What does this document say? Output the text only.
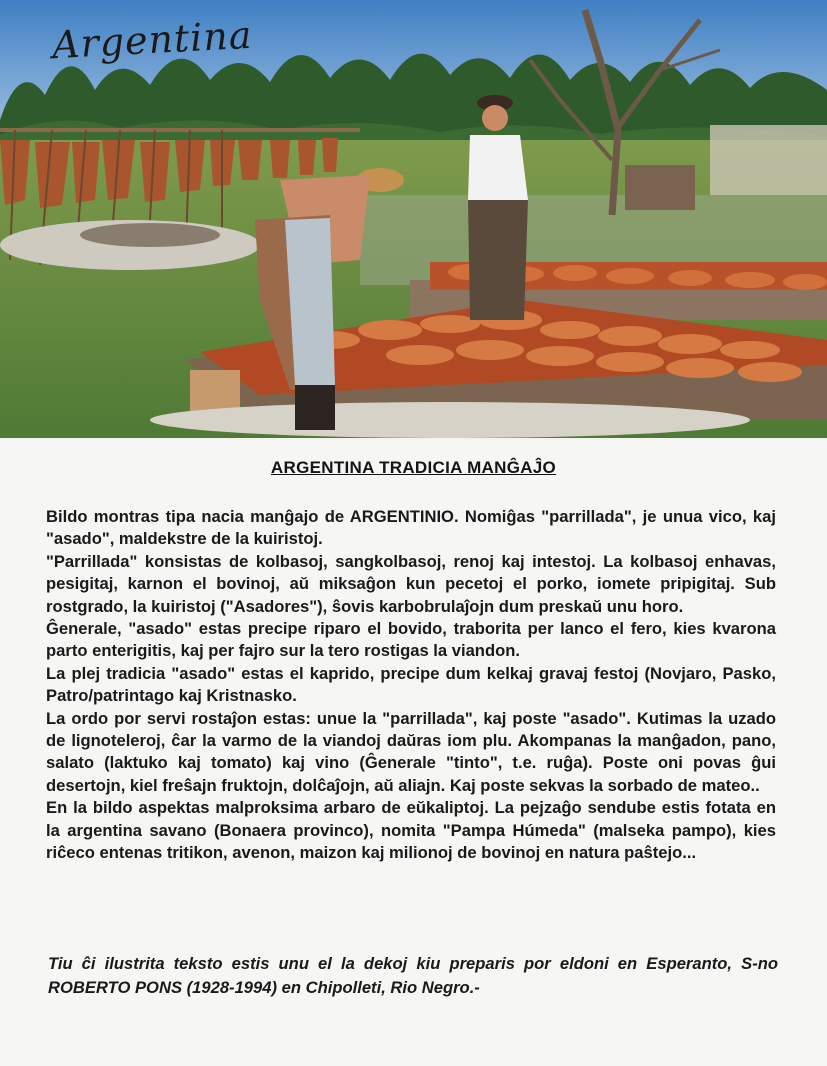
Argentina
ARGENTINA TRADICIA MANĜAĴO

Bildo montras tipa nacia manĝajo de ARGENTINIO. Nomiĝas "parrillada", je unua vico, kaj "asado", maldekstre de la kuiristoj.

"Parrillada" konsistas de kolbasoj, sangkolbasoj, renoj kaj intestoj. La kolbasoj enhavas, pesigitaj, karnon el bovinoj, aŭ miksaĝon kun pecetoj el porko, iomete pripigitaj. Sub rostgrado, la kuiristoj ("Asadores"), ŝovis karbobrulaĵojn dum preskaŭ unu horo.

Ĝenerale, "asado" estas precipe riparo el bovido, traborita per lanco el fero, kies kvarona parto enterigitis, kaj per fajro sur la tero rostigas la viandon.

La plej tradicia "asado" estas el kaprido, precipe dum kelkaj gravaj festoj (Novjaro, Pasko, Patro/patrintago kaj Kristnasko.

La ordo por servi rostaĵon estas: unue la "parrillada", kaj poste "asado". Kutimas la uzado de lignoteleroj, ĉar la varmo de la viandoj daŭras iom plu. Akompanas la manĝadon, pano, salato (laktuko kaj tomato) kaj vino (Ĝenerale "tinto", t.e. ruĝa). Poste oni povas ĝui desertojn, kiel freŝajn fruktojn, dolĉaĵojn, aŭ aliajn. Kaj poste sekvas la sorbado de mateo..

En la bildo aspektas malproksima arbaro de eŭkaliptoj. La pejzaĝo sendube estis fotata en la argentina savano (Bonaera provinco), nomita "Pampa Húmeda" (malseka pampo), kies riĉeco entenas tritikon, avenon, maizon kaj milionoj de bovinoj en natura paŝtejo...

Tiu ĉi ilustrita teksto estis unu el la dekoj kiu preparis por eldoni en Esperanto, S-no ROBERTO PONS (1928-1994) en Chipolleti, Rio Negro.-
